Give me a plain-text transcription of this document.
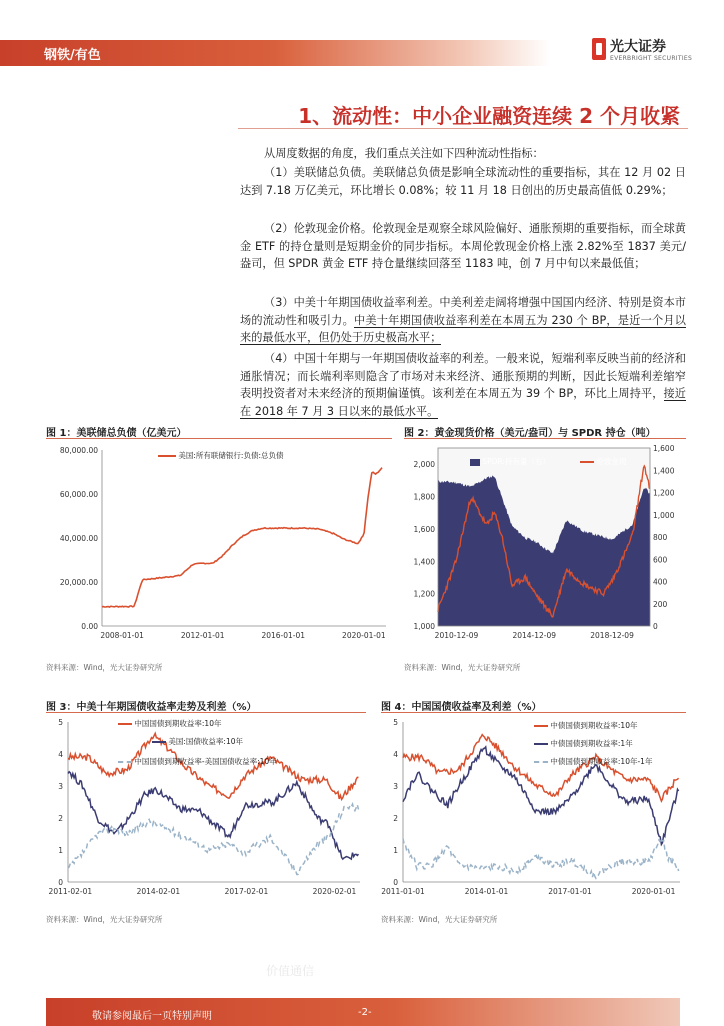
钢铁/有色
光大证券
EVERBRIGHT SECURITIES
1、流动性：中小企业融资连续 2 个月收紧
从周度数据的角度，我们重点关注如下四种流动性指标：
（1）美联储总负债。美联储总负债是影响全球流动性的重要指标，其在 12 月 02 日达到 7.18 万亿美元，环比增长 0.08%；较 11 月 18 日创出的历史最高值低 0.29%；
（2）伦敦现金价格。伦敦现金是观察全球风险偏好、通胀预期的重要指标，而全球黄金 ETF 的持仓量则是短期金价的同步指标。本周伦敦现金价格上涨 2.82%至 1837 美元/盎司，但 SPDR 黄金 ETF 持仓量继续回落至 1183 吨，创 7 月中旬以来最低值；
（3）中美十年期国债收益率利差。中美利差走阔将增强中国国内经济、特别是资本市场的流动性和吸引力。中美十年期国债收益率利差在本周五为 230 个 BP，是近一个月以来的最低水平，但仍处于历史极高水平；
（4）中国十年期与一年期国债收益率的利差。一般来说，短端利率反映当前的经济和通胀情况；而长端利率则隐含了市场对未来经济、通胀预期的判断，因此长短端利差缩窄表明投资者对未来经济的预期偏谨慎。该利差在本周五为 39 个 BP，环比上周持平，接近在 2018 年 7 月 3 日以来的最低水平。
图 1：美联储总负债（亿美元）	图 2：黄金现货价格（美元/盎司）与 SPDR 持仓（吨）
图 3：中美十年期国债收益率走势及利差（%）	图 4：中国国债收益率及利差（%）
80,000.00
60,000.00
40,000.00
20,000.00
0.00
2008-01-01	2012-01-01	2016-01-01	2020-01-01
美国:所有联储银行:负债:总负债
资料来源：Wind，光大证券研究所
2,000
1,800
1,600
1,400
1,200
1,000
1,600
1,400
1,200
1,000
800
600
400
200
0
2010-12-09	2014-12-09	2018-12-09
SPDR:持有量（右）	伦敦金现
资料来源：Wind，光大证券研究所
5
4
3
2
1
0
2011-02-01	2014-02-01	2017-02-01	2020-02-01
中国国债到期收益率:10年
美国:国债收益率:10年
中国国债到期收益率-美国国债收益率:10年
资料来源：Wind，光大证券研究所
5
4
3
2
1
0
2011-01-01	2014-01-01	2017-01-01	2020-01-01
中债国债到期收益率:10年
中债国债到期收益率:1年
中债国债到期收益率:10年-1年
资料来源：Wind，光大证券研究所
价值通信
敬请参阅最后一页特别声明	-2-
